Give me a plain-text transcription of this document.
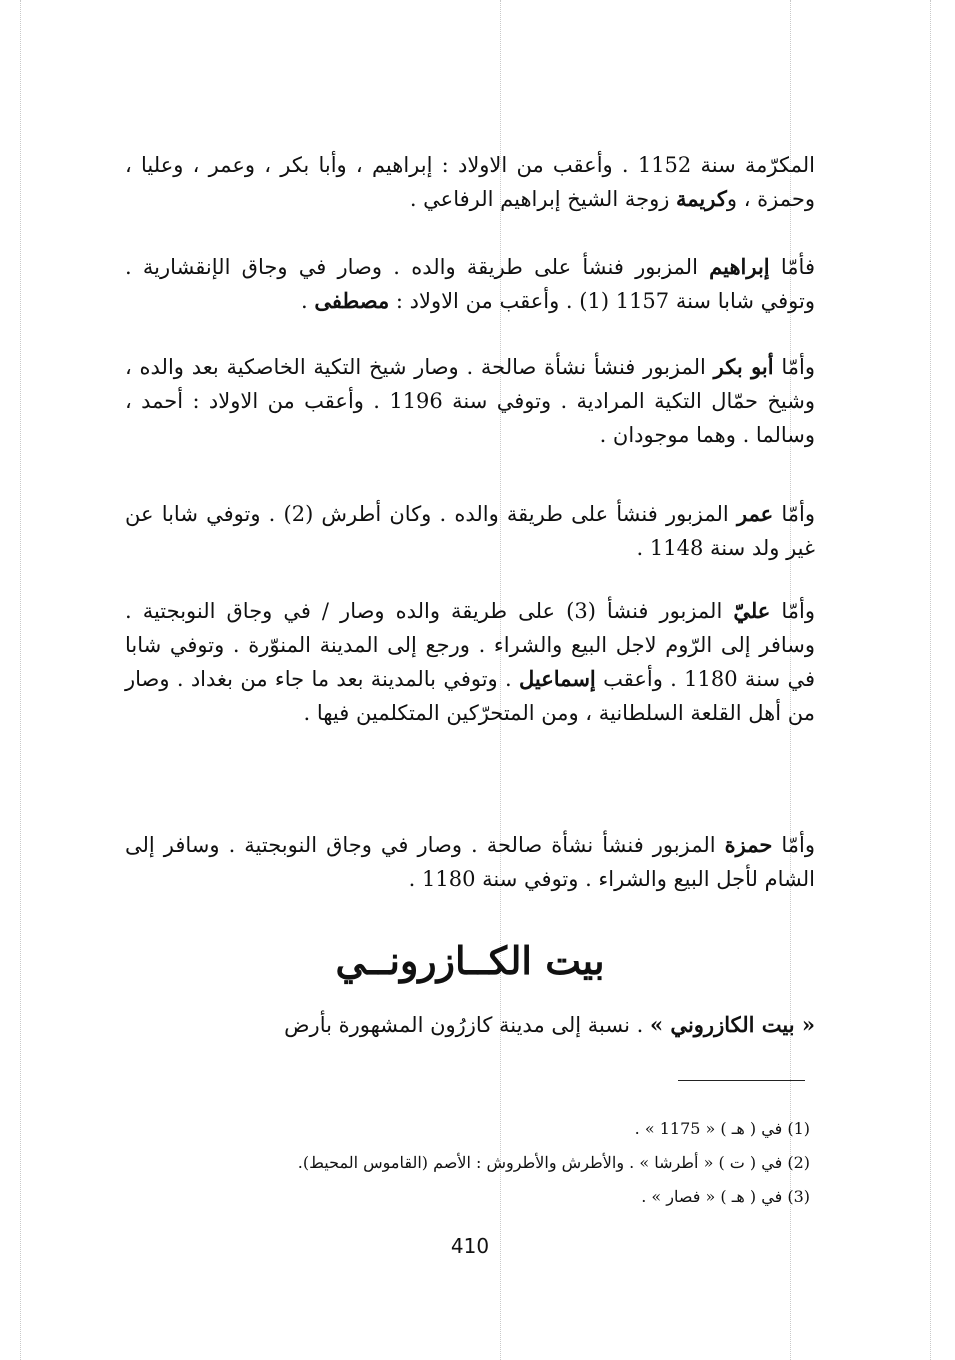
المكرّمة سنة 1152 . وأعقب من الاولاد : إبراهيم ، وأبا بكر ، وعمر ، وعليا ، وحمزة ، وكريمة زوجة الشيخ إبراهيم الرفاعي .

فأمّا إبراهيم المزبور فنشأ على طريقة والده . وصار في وجاق الإنقشارية . وتوفي شابا سنة 1157 (1) . وأعقب من الاولاد : مصطفى .

وأمّا أبو بكر المزبور فنشأ نشأة صالحة . وصار شيخ التكية الخاصكية بعد والده ، وشيخ حمّال التكية المرادية . وتوفي سنة 1196 . وأعقب من الاولاد : أحمد ، وسالما . وهما موجودان .

وأمّا عمر المزبور فنشأ على طريقة والده . وكان أطرش (2) . وتوفي شابا عن غير ولد سنة 1148 .

وأمّا عليّ المزبور فنشأ (3) على طريقة والده وصار / في وجاق النوبجتية . وسافر إلى الرّوم لاجل البيع والشراء . ورجع إلى المدينة المنوّرة . وتوفي شابا في سنة 1180 . وأعقب إسماعيل . وتوفي بالمدينة بعد ما جاء من بغداد . وصار من أهل القلعة السلطانية ، ومن المتحرّكين المتكلمين فيها .

وأمّا حمزة المزبور فنشأ نشأة صالحة . وصار في وجاق النوبجتية . وسافر إلى الشام لأجل البيع والشراء . وتوفي سنة 1180 .

بيت الكــازرونــي

« بيت الكازروني » . نسبة إلى مدينة كازرُون المشهورة بأرض

(1) في ( هـ ) « 1175 » .
(2) في ( ت ) « أطرشا » . والأطرش والأطروش : الأصم (القاموس المحيط).
(3) في ( هـ ) « فصار » .
410
